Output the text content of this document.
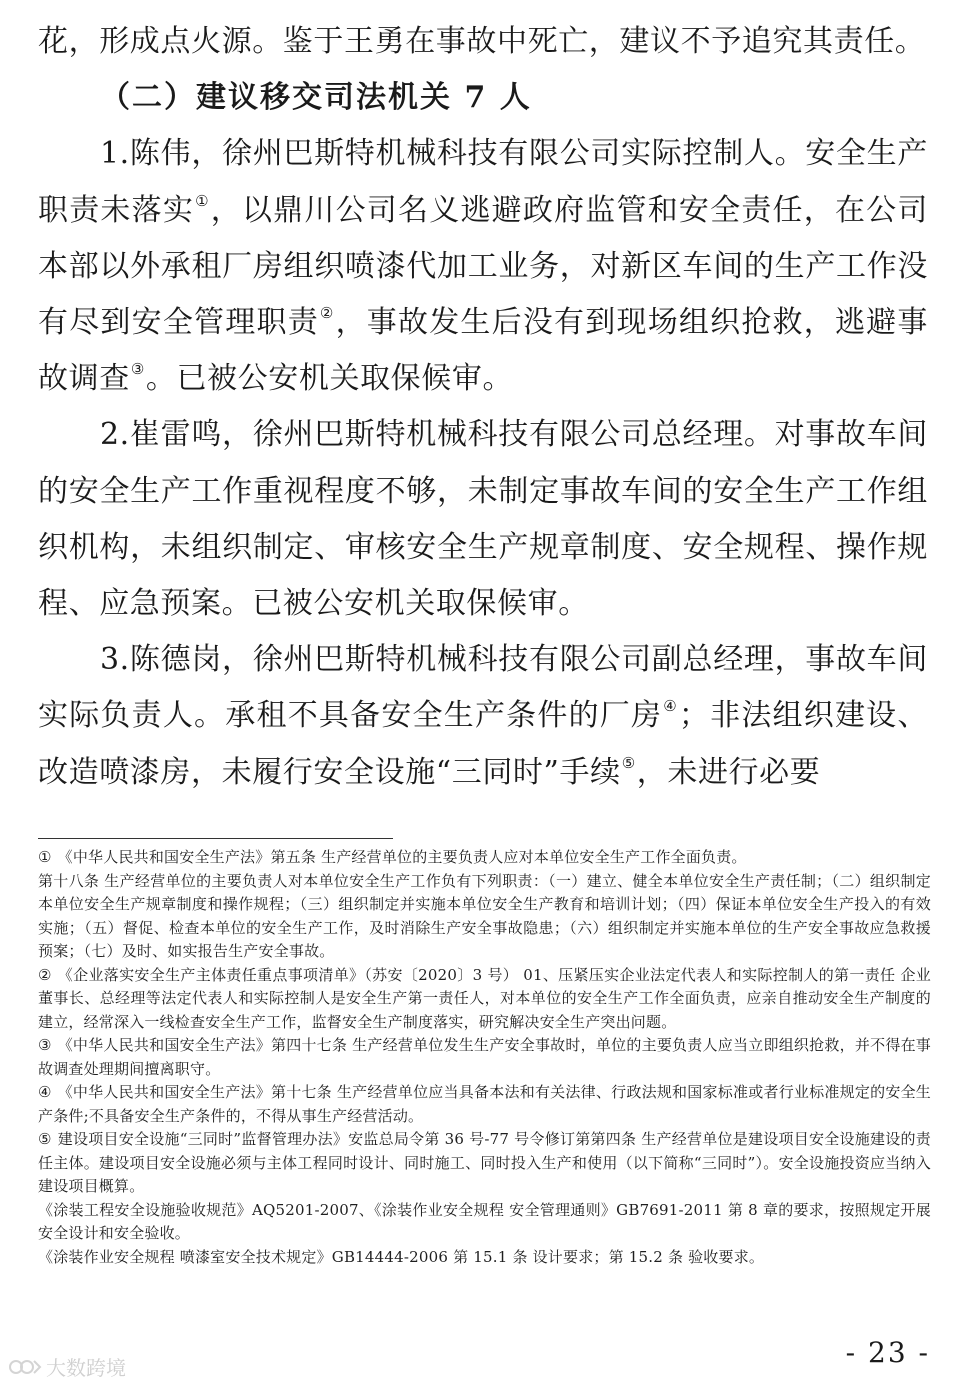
花，形成点火源。鉴于王勇在事故中死亡，建议不予追究其责任。

（二）建议移交司法机关 7 人

1.陈伟，徐州巴斯特机械科技有限公司实际控制人。安全生产职责未落实①，以鼎川公司名义逃避政府监管和安全责任，在公司本部以外承租厂房组织喷漆代加工业务，对新区车间的生产工作没有尽到安全管理职责②，事故发生后没有到现场组织抢救，逃避事故调查③。已被公安机关取保候审。

2.崔雷鸣，徐州巴斯特机械科技有限公司总经理。对事故车间的安全生产工作重视程度不够，未制定事故车间的安全生产工作组织机构，未组织制定、审核安全生产规章制度、安全规程、操作规程、应急预案。已被公安机关取保候审。

3.陈德岗，徐州巴斯特机械科技有限公司副总经理，事故车间实际负责人。承租不具备安全生产条件的厂房④；非法组织建设、改造喷漆房，未履行安全设施“三同时”手续⑤，未进行必要

① 《中华人民共和国安全生产法》第五条 生产经营单位的主要负责人应对本单位安全生产工作全面负责。

第十八条 生产经营单位的主要负责人对本单位安全生产工作负有下列职责：（一）建立、健全本单位安全生产责任制；（二）组织制定本单位安全生产规章制度和操作规程；（三）组织制定并实施本单位安全生产教育和培训计划；（四）保证本单位安全生产投入的有效实施；（五）督促、检查本单位的安全生产工作，及时消除生产安全事故隐患；（六）组织制定并实施本单位的生产安全事故应急救援预案；（七）及时、如实报告生产安全事故。

② 《企业落实安全生产主体责任重点事项清单》（苏安〔2020〕3 号） 01、压紧压实企业法定代表人和实际控制人的第一责任 企业董事长、总经理等法定代表人和实际控制人是安全生产第一责任人，对本单位的安全生产工作全面负责，应亲自推动安全生产制度的建立，经常深入一线检查安全生产工作，监督安全生产制度落实，研究解决安全生产突出问题。

③ 《中华人民共和国安全生产法》第四十七条 生产经营单位发生生产安全事故时，单位的主要负责人应当立即组织抢救，并不得在事故调查处理期间擅离职守。

④ 《中华人民共和国安全生产法》第十七条 生产经营单位应当具备本法和有关法律、行政法规和国家标准或者行业标准规定的安全生产条件;不具备安全生产条件的，不得从事生产经营活动。

⑤ 建设项目安全设施“三同时”监督管理办法》安监总局令第 36 号-77 号令修订第第四条 生产经营单位是建设项目安全设施建设的责任主体。建设项目安全设施必须与主体工程同时设计、同时施工、同时投入生产和使用（以下简称“三同时”）。安全设施投资应当纳入建设项目概算。

《涂装工程安全设施验收规范》AQ5201-2007、《涂装作业安全规程 安全管理通则》GB7691-2011 第 8 章的要求，按照规定开展安全设计和安全验收。

《涂装作业安全规程 喷漆室安全技术规定》GB14444-2006 第 15.1 条 设计要求；第 15.2 条 验收要求。

- 23 -
大数跨境
